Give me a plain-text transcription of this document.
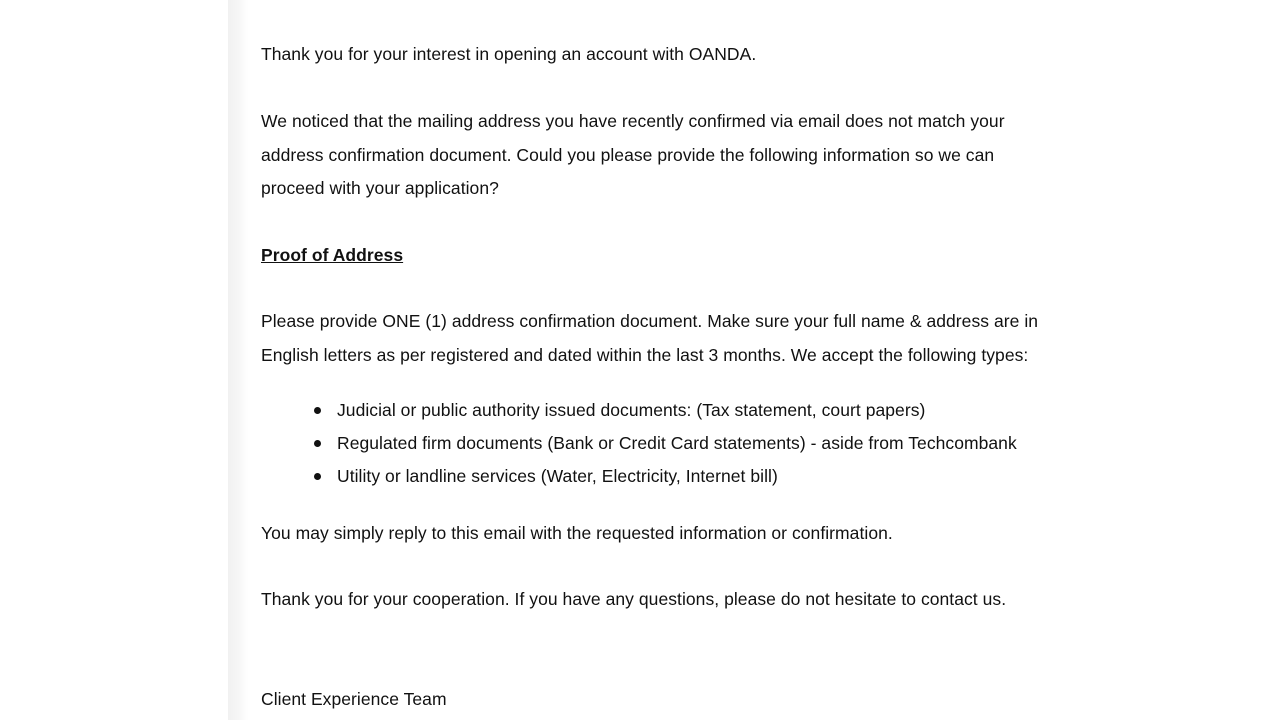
Thank you for your interest in opening an account with OANDA.
We noticed that the mailing address you have recently confirmed via email does not match your
address confirmation document. Could you please provide the following information so we can
proceed with your application?
Proof of Address
Please provide ONE (1) address confirmation document. Make sure your full name & address are in
English letters as per registered and dated within the last 3 months. We accept the following types:
Judicial or public authority issued documents: (Tax statement, court papers)
Regulated firm documents (Bank or Credit Card statements) - aside from Techcombank
Utility or landline services (Water, Electricity, Internet bill)
You may simply reply to this email with the requested information or confirmation.
Thank you for your cooperation. If you have any questions, please do not hesitate to contact us.
Client Experience Team
